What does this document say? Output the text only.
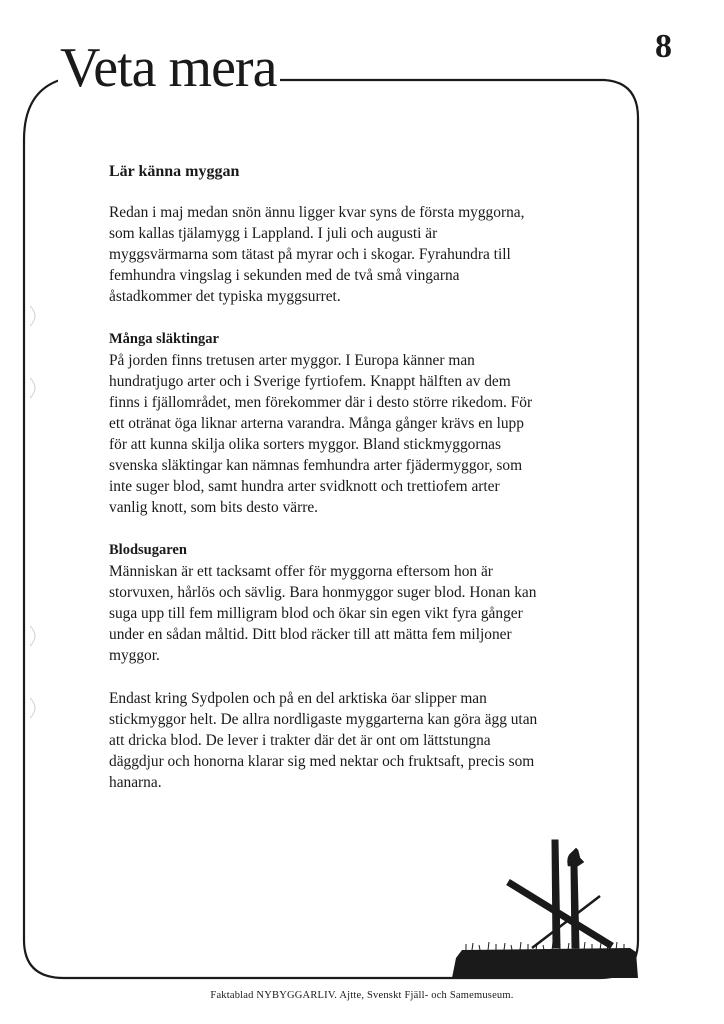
Veta mera	8
Lär känna myggan

Redan i maj medan snön ännu ligger kvar syns de första myggorna, som kallas tjälamygg i Lappland. I juli och augusti är myggsvärmarna som tätast på myrar och i skogar. Fyrahundra till femhundra vingslag i sekunden med de två små vingarna åstadkommer det typiska myggsurret.

Många släktingar

På jorden finns tretusen arter myggor. I Europa känner man hundratjugo arter och i Sverige fyrtiofem. Knappt hälften av dem finns i fjällområdet, men förekommer där i desto större rikedom. För ett otränat öga liknar arterna varandra. Många gånger krävs en lupp för att kunna skilja olika sorters myggor. Bland stickmyggornas svenska släktingar kan nämnas femhundra arter fjädermyggor, som inte suger blod, samt hundra arter svidknott och trettiofem arter vanlig knott, som bits desto värre.

Blodsugaren

Människan är ett tacksamt offer för myggorna eftersom hon är storvuxen, hårlös och sävlig. Bara honmyggor suger blod. Honan kan suga upp till fem milligram blod och ökar sin egen vikt fyra gånger under en sådan måltid. Ditt blod räcker till att mätta fem miljoner myggor.

Endast kring Sydpolen och på en del arktiska öar slipper man stickmyggor helt. De allra nordligaste myggarterna kan göra ägg utan att dricka blod. De lever i trakter där det är ont om lättstungna däggdjur och honorna klarar sig med nektar och fruktsaft, precis som hanarna.

Faktablad NYBYGGARLIV. Ajtte, Svenskt Fjäll- och Samemuseum.
